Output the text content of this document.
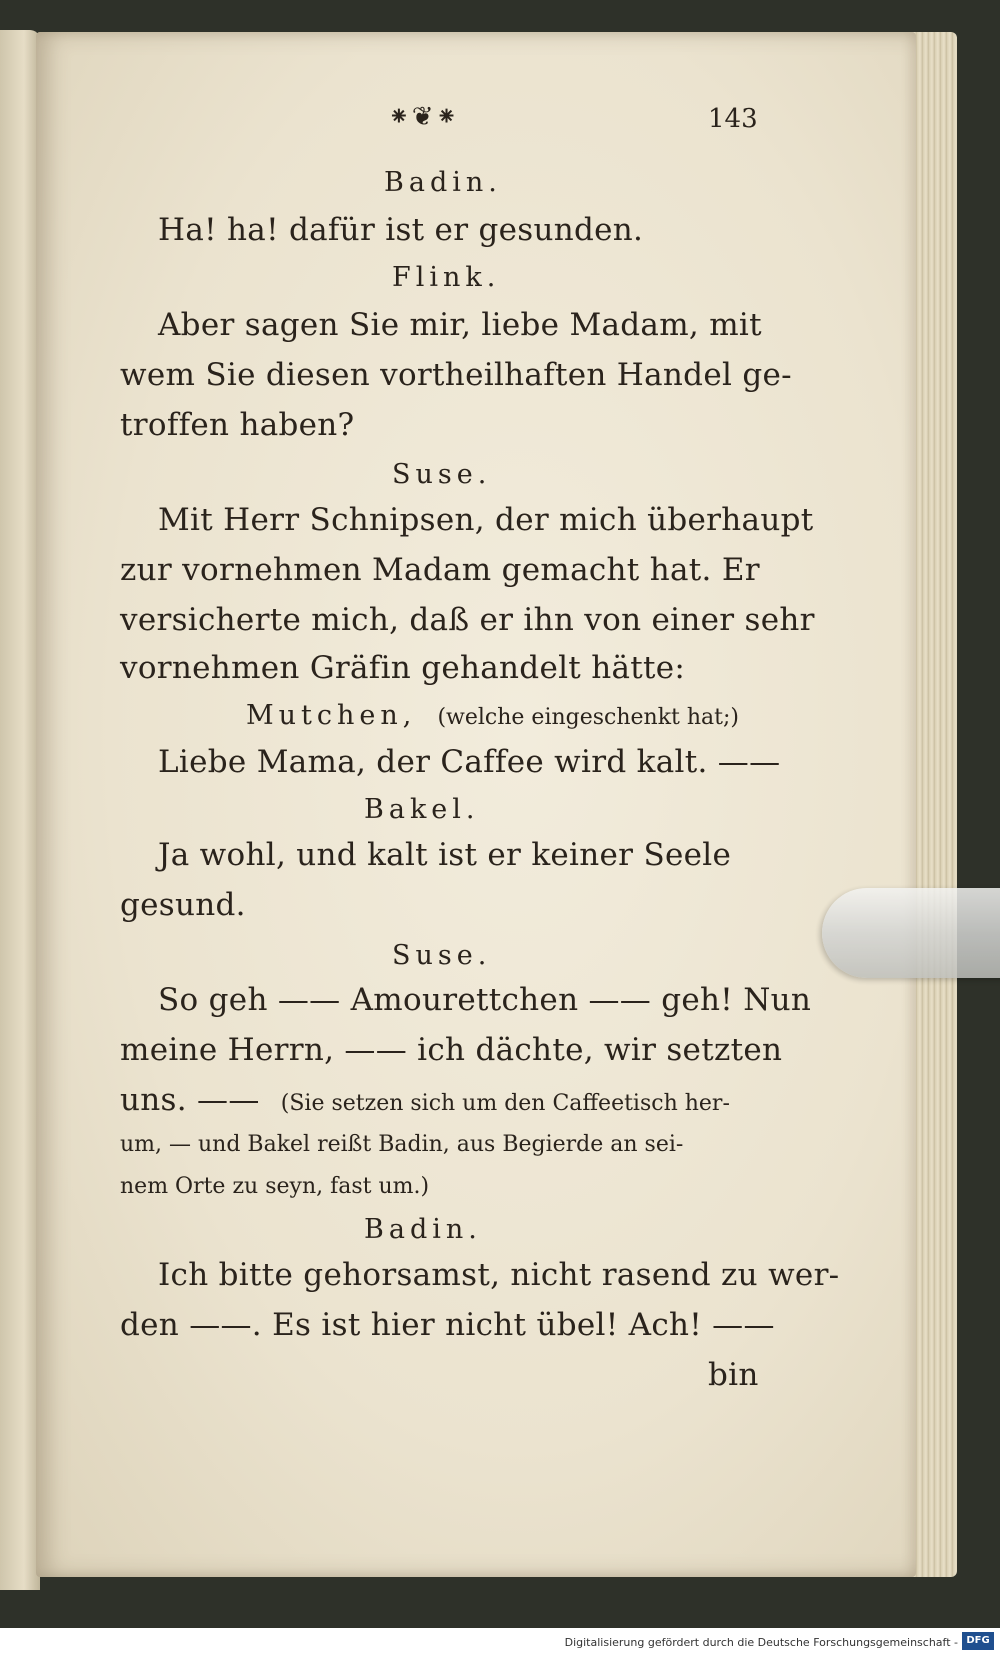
⁕❦⁕	143
Badin.
Ha! ha! dafür ist er gesunden.
Flink.
Aber sagen Sie mir, liebe Madam, mit
wem Sie diesen vortheilhaften Handel ge-
troffen haben?
Suse.
Mit Herr Schnipsen, der mich überhaupt
zur vornehmen Madam gemacht hat. Er
versicherte mich, daß er ihn von einer sehr
vornehmen Gräfin gehandelt hätte:
Mutchen, (welche eingeschenkt hat;)
Liebe Mama, der Caffee wird kalt. ——
Bakel.
Ja wohl, und kalt ist er keiner Seele
gesund.
Suse.
So geh —— Amourettchen —— geh! Nun
meine Herrn, —— ich dächte, wir setzten
uns. —— (Sie setzen sich um den Caffeetisch her-
um, — und Bakel reißt Badin, aus Begierde an sei-
nem Orte zu seyn, fast um.)
Badin.
Ich bitte gehorsamst, nicht rasend zu wer-
den ——. Es ist hier nicht übel! Ach! ——
bin
Digitalisierung gefördert durch die Deutsche Forschungsgemeinschaft - DFG
